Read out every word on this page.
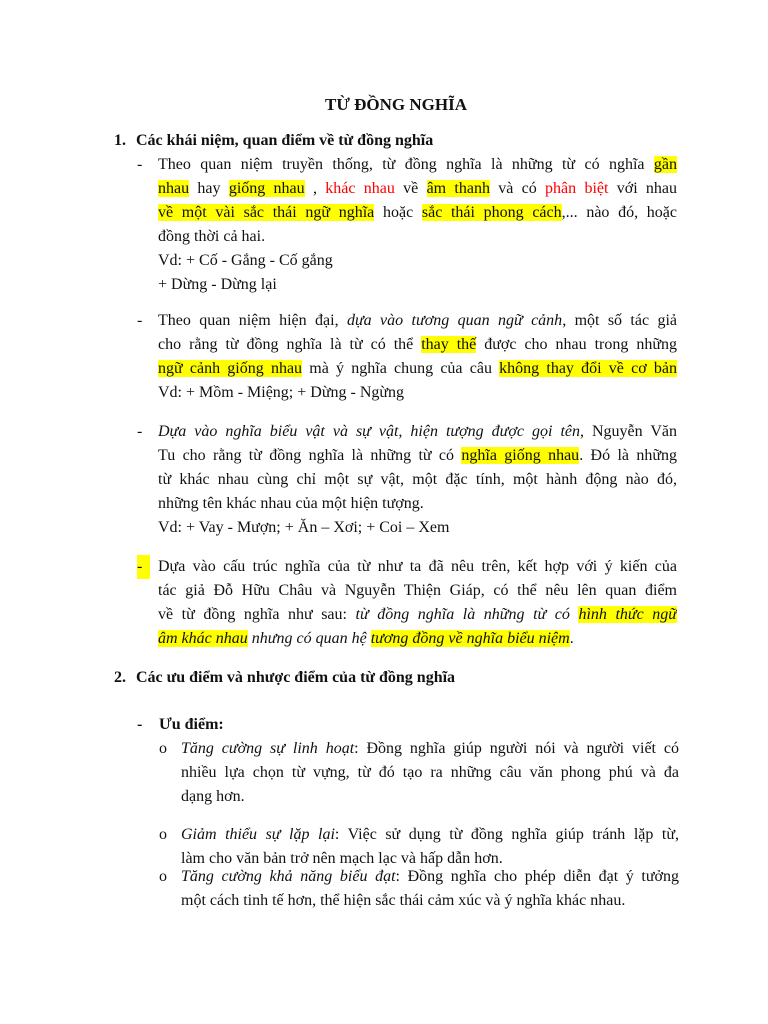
TỪ ĐỒNG NGHĨA

1. Các khái niệm, quan điểm về từ đồng nghĩa

- Theo quan niệm truyền thống, từ đồng nghĩa là những từ có nghĩa gần
nhau hay giống nhau , khác nhau về âm thanh và có phân biệt với nhau
về một vài sắc thái ngữ nghĩa hoặc sắc thái phong cách,... nào đó, hoặc
đồng thời cả hai.
Vd: + Cố - Gắng - Cố gắng
+ Dừng - Dừng lại
- Theo quan niệm hiện đại, dựa vào tương quan ngữ cảnh, một số tác giả
cho rằng từ đồng nghĩa là từ có thể thay thế được cho nhau trong những
ngữ cảnh giống nhau mà ý nghĩa chung của câu không thay đổi về cơ bản
Vd: + Mồm - Miệng; + Dừng - Ngừng
- Dựa vào nghĩa biểu vật và sự vật, hiện tượng được gọi tên, Nguyễn Văn
Tu cho rằng từ đồng nghĩa là những từ có nghĩa giống nhau. Đó là những
từ khác nhau cùng chỉ một sự vật, một đặc tính, một hành động nào đó,
những tên khác nhau của một hiện tượng.
Vd: + Vay - Mượn; + Ăn – Xơi; + Coi – Xem
- Dựa vào cấu trúc nghĩa của từ như ta đã nêu trên, kết hợp với ý kiến của
tác giả Đỗ Hữu Châu và Nguyễn Thiện Giáp, có thể nêu lên quan điểm
về từ đồng nghĩa như sau: từ đồng nghĩa là những từ có hình thức ngữ
âm khác nhau nhưng có quan hệ tương đồng về nghĩa biểu niệm.

2. Các ưu điểm và nhược điểm của từ đồng nghĩa

- Ưu điểm:
o Tăng cường sự linh hoạt: Đồng nghĩa giúp người nói và người viết có
nhiều lựa chọn từ vựng, từ đó tạo ra những câu văn phong phú và đa
dạng hơn.
o Giảm thiểu sự lặp lại: Việc sử dụng từ đồng nghĩa giúp tránh lặp từ,
làm cho văn bản trở nên mạch lạc và hấp dẫn hơn.
o Tăng cường khả năng biểu đạt: Đồng nghĩa cho phép diễn đạt ý tưởng
một cách tinh tế hơn, thể hiện sắc thái cảm xúc và ý nghĩa khác nhau.
